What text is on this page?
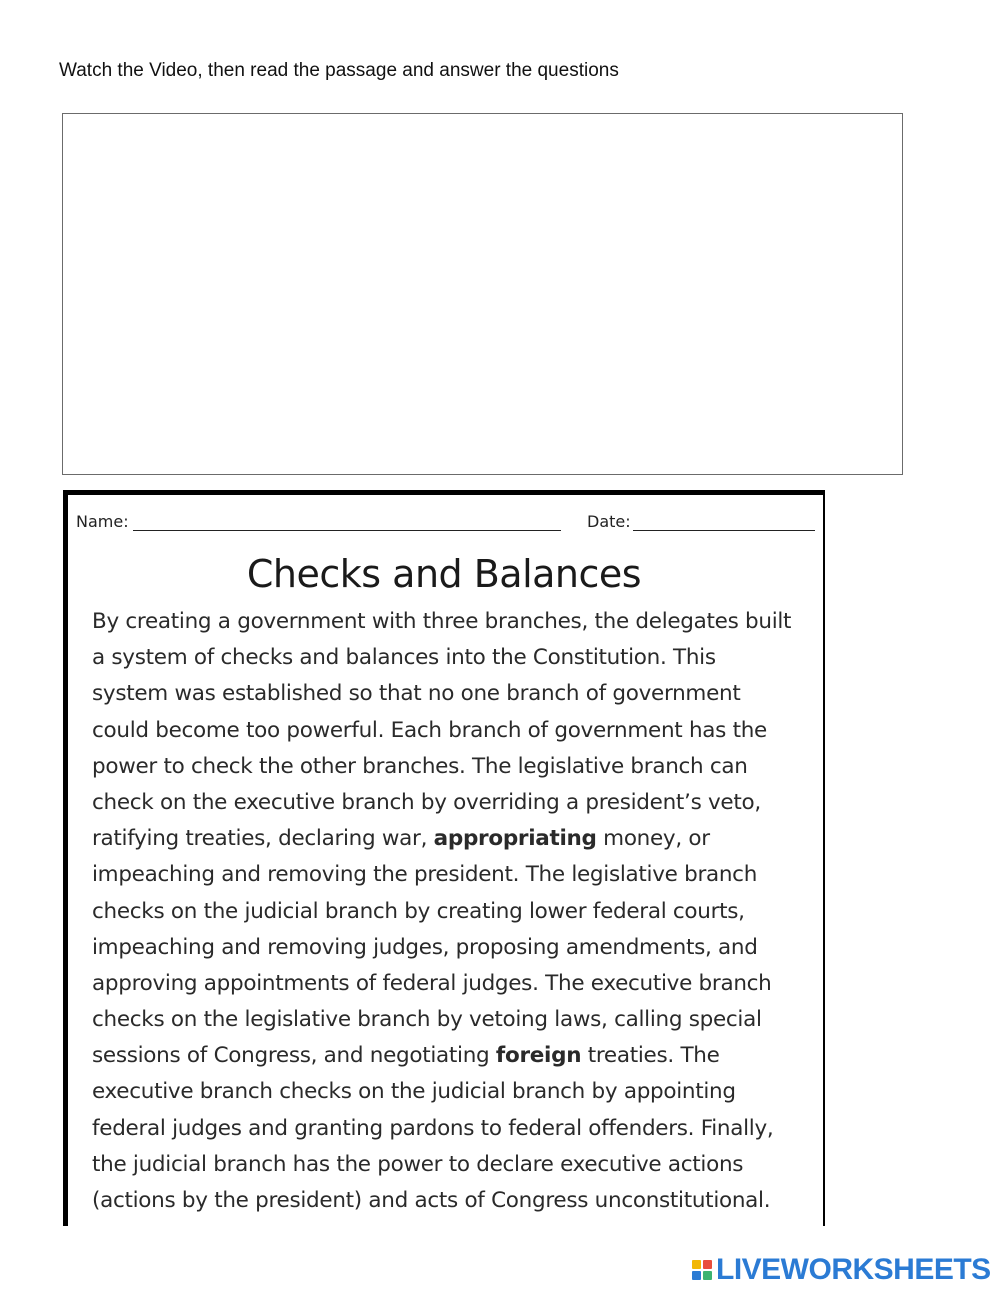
Watch the Video, then read the passage and answer the questions
Name:	Date:
Checks and Balances
By creating a government with three branches, the delegates built
a system of checks and balances into the Constitution. This
system was established so that no one branch of government
could become too powerful. Each branch of government has the
power to check the other branches. The legislative branch can
check on the executive branch by overriding a president’s veto,
ratifying treaties, declaring war, appropriating money, or
impeaching and removing the president. The legislative branch
checks on the judicial branch by creating lower federal courts,
impeaching and removing judges, proposing amendments, and
approving appointments of federal judges. The executive branch
checks on the legislative branch by vetoing laws, calling special
sessions of Congress, and negotiating foreign treaties. The
executive branch checks on the judicial branch by appointing
federal judges and granting pardons to federal offenders. Finally,
the judicial branch has the power to declare executive actions
(actions by the president) and acts of Congress unconstitutional.
LIVEWORKSHEETS
